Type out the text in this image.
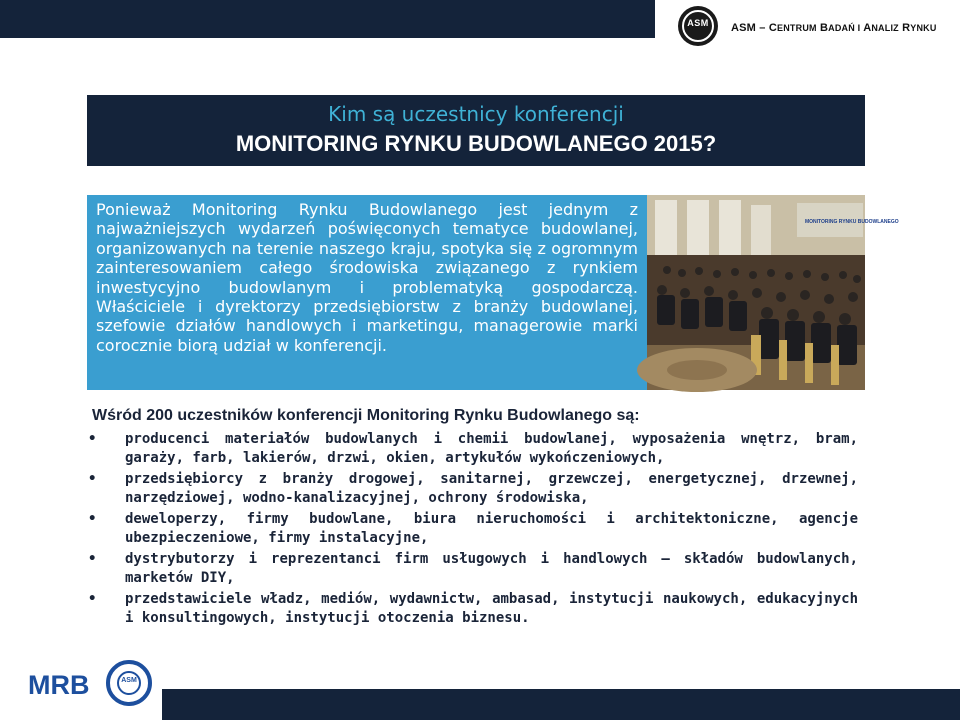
ASM	ASM – CENTRUM BADAŃ I ANALIZ RYNKU
Kim są uczestnicy konferencji
MONITORING RYNKU BUDOWLANEGO 2015?
Ponieważ Monitoring Rynku Budowlanego jest jednym z najważniejszych wydarzeń poświęconych tematyce budowlanej, organizowanych na terenie naszego kraju, spotyka się z ogromnym zainteresowaniem całego środowiska związanego z rynkiem inwestycyjno budowlanym i problematyką gospodarczą. Właściciele i dyrektorzy przedsiębiorstw z branży budowlanej, szefowie działów handlowych i marketingu, managerowie marki corocznie biorą udział w konferencji.
MONITORING RYNKU BUDOWLANEGO
Wśród 200 uczestników konferencji Monitoring Rynku Budowlanego są:
• producenci materiałów budowlanych i chemii budowlanej, wyposażenia wnętrz, bram, garaży, farb, lakierów, drzwi, okien, artykułów wykończeniowych,
• przedsiębiorcy z branży drogowej, sanitarnej, grzewczej, energetycznej, drzewnej, narzędziowej, wodno-kanalizacyjnej, ochrony środowiska,
• deweloperzy, firmy budowlane, biura nieruchomości i architektoniczne, agencje ubezpieczeniowe, firmy instalacyjne,
• dystrybutorzy i reprezentanci firm usługowych i handlowych – składów budowlanych, marketów DIY,
• przedstawiciele władz, mediów, wydawnictw, ambasad, instytucji naukowych, edukacyjnych i konsultingowych, instytucji otoczenia biznesu.
MRB	ASM
